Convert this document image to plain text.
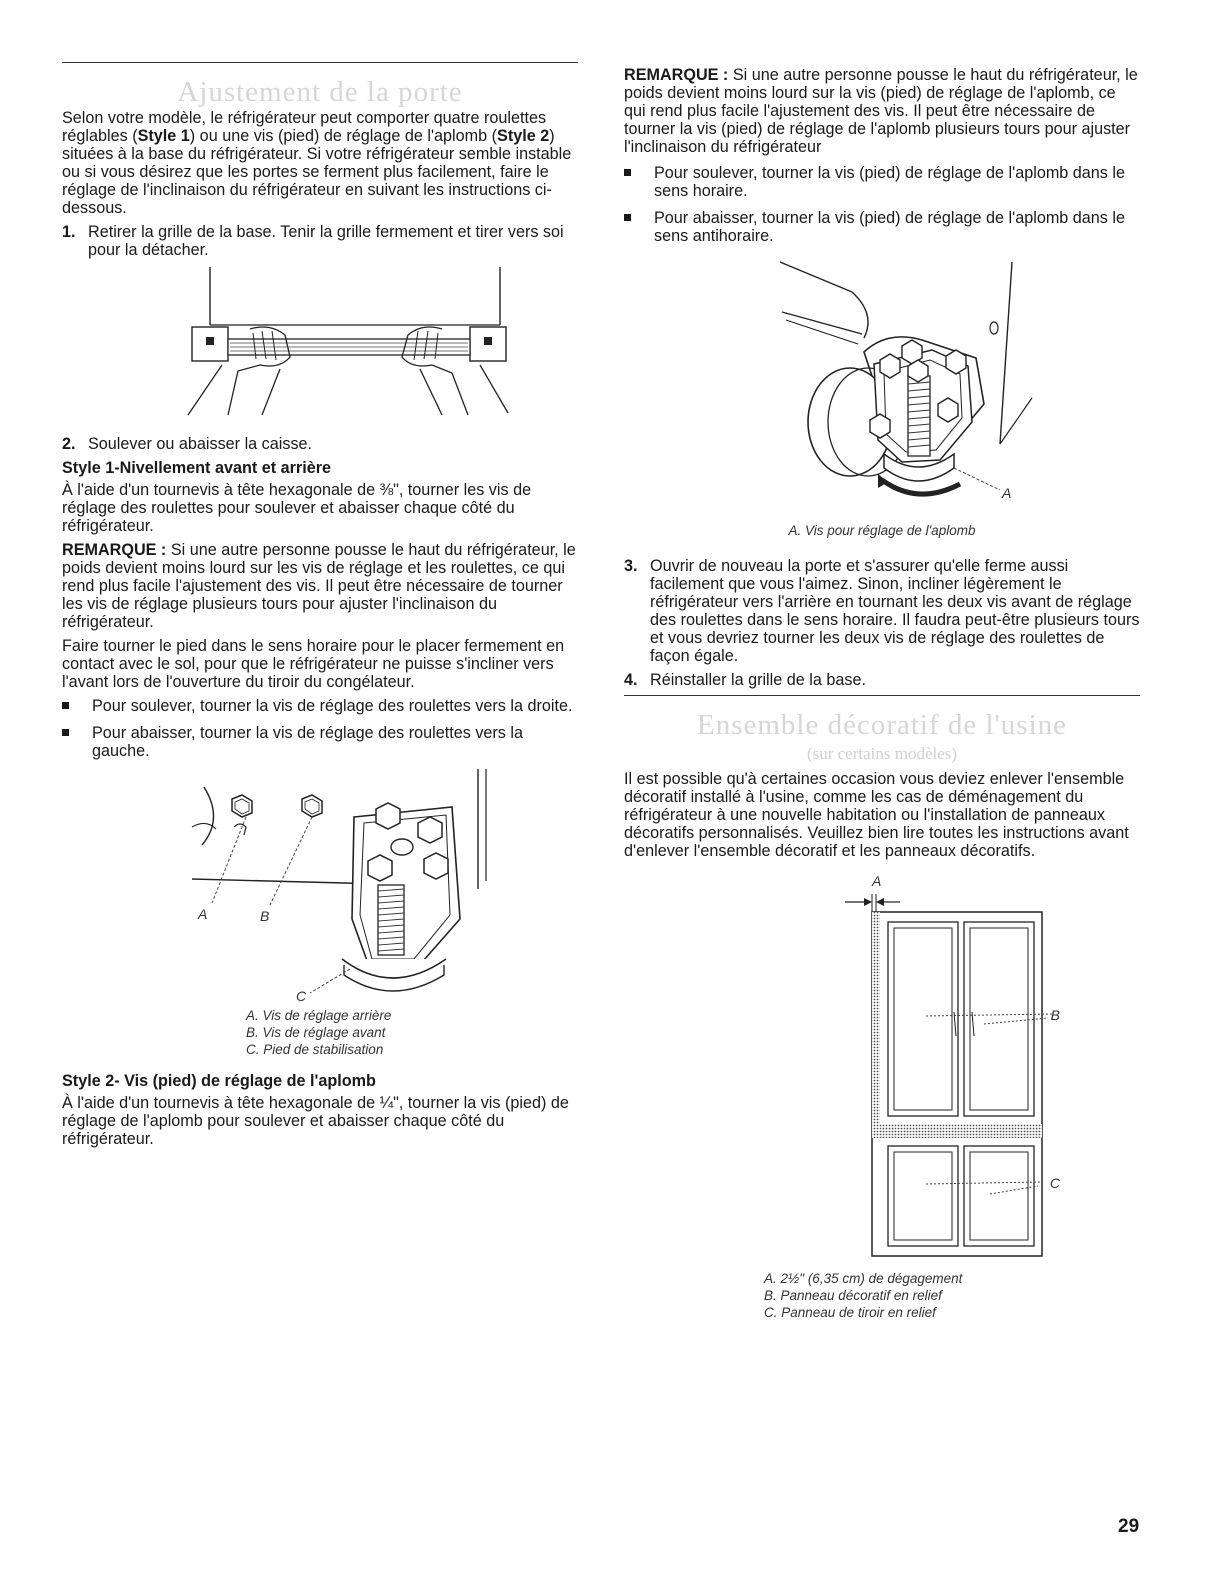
Ajustement de la porte

Selon votre modèle, le réfrigérateur peut comporter quatre roulettes réglables (Style 1) ou une vis (pied) de réglage de l'aplomb (Style 2) situées à la base du réfrigérateur. Si votre réfrigérateur semble instable ou si vous désirez que les portes se ferment plus facilement, faire le réglage de l'inclinaison du réfrigérateur en suivant les instructions ci-dessous.

1. Retirer la grille de la base. Tenir la grille fermement et tirer vers soi pour la détacher.
2. Soulever ou abaisser la caisse.
Style 1-Nivellement avant et arrière

À l'aide d'un tournevis à tête hexagonale de ⅜", tourner les vis de réglage des roulettes pour soulever et abaisser chaque côté du réfrigérateur.

REMARQUE : Si une autre personne pousse le haut du réfrigérateur, le poids devient moins lourd sur les vis de réglage et les roulettes, ce qui rend plus facile l'ajustement des vis. Il peut être nécessaire de tourner les vis de réglage plusieurs tours pour ajuster l'inclinaison du réfrigérateur.

Faire tourner le pied dans le sens horaire pour le placer fermement en contact avec le sol, pour que le réfrigérateur ne puisse s'incliner vers l'avant lors de l'ouverture du tiroir du congélateur.

Pour soulever, tourner la vis de réglage des roulettes vers la droite.
Pour abaisser, tourner la vis de réglage des roulettes vers la gauche.
A	B
C
A. Vis de réglage arrière
B. Vis de réglage avant
C. Pied de stabilisation
Style 2- Vis (pied) de réglage de l'aplomb

À l'aide d'un tournevis à tête hexagonale de ¼", tourner la vis (pied) de réglage de l'aplomb pour soulever et abaisser chaque côté du réfrigérateur.

REMARQUE : Si une autre personne pousse le haut du réfrigérateur, le poids devient moins lourd sur la vis (pied) de réglage de l'aplomb, ce qui rend plus facile l'ajustement des vis. Il peut être nécessaire de tourner la vis (pied) de réglage de l'aplomb plusieurs tours pour ajuster l'inclinaison du réfrigérateur

Pour soulever, tourner la vis (pied) de réglage de l'aplomb dans le sens horaire.
Pour abaisser, tourner la vis (pied) de réglage de l'aplomb dans le sens antihoraire.
A
A. Vis pour réglage de l'aplomb
3. Ouvrir de nouveau la porte et s'assurer qu'elle ferme aussi facilement que vous l'aimez. Sinon, incliner légèrement le réfrigérateur vers l'arrière en tournant les deux vis avant de réglage des roulettes dans le sens horaire. Il faudra peut-être plusieurs tours et vous devriez tourner les deux vis de réglage des roulettes de façon égale.
4. Réinstaller la grille de la base.
Ensemble décoratif de l'usine
(sur certains modèles)

Il est possible qu'à certaines occasion vous deviez enlever l'ensemble décoratif installé à l'usine, comme les cas de déménagement du réfrigérateur à une nouvelle habitation ou l'installation de panneaux décoratifs personnalisés. Veuillez bien lire toutes les instructions avant d'enlever l'ensemble décoratif et les panneaux décoratifs.

A
B
C
A. 2½" (6,35 cm) de dégagement
B. Panneau décoratif en relief
C. Panneau de tiroir en relief
29
